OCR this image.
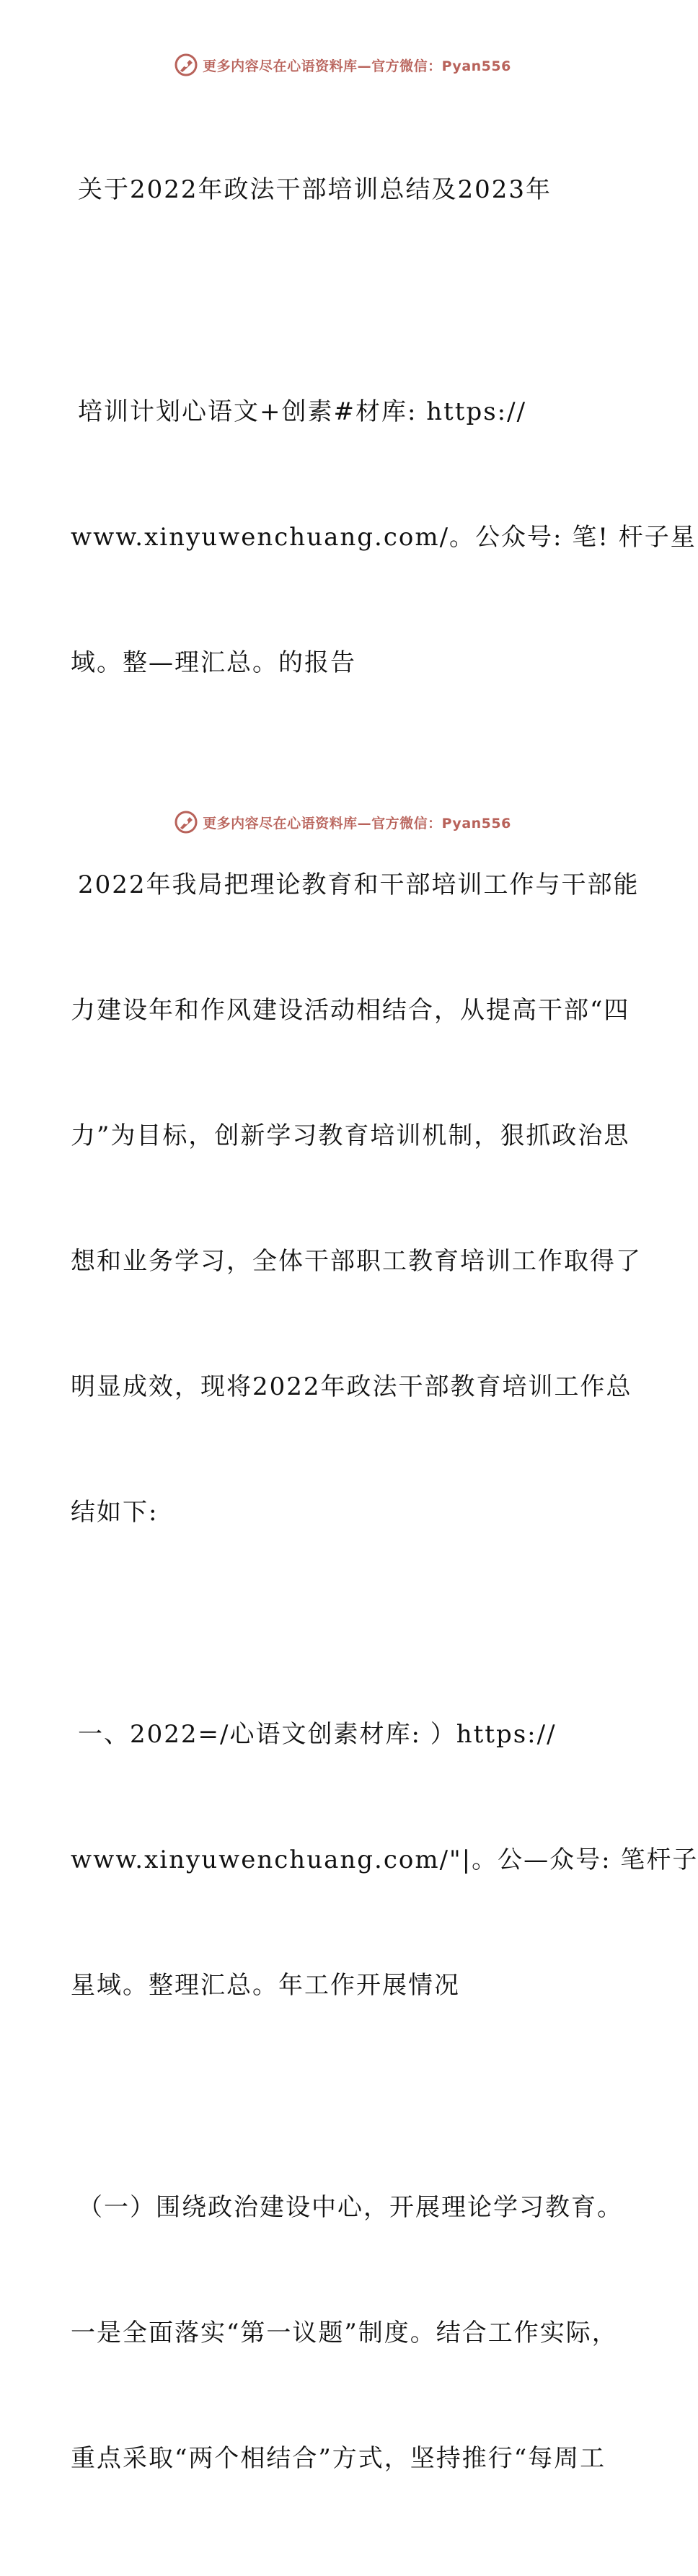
更多内容尽在心语资料库—官方微信：Pyan556

关于2022年政法干部培训总结及2023年

培训计划心语文+创素#材库: https://

www.xinyuwenchuang.com/。公众号: 笔! 杆子星

域。整—理汇总。的报告

2022年我局把理论教育和干部培训工作与干部能

力建设年和作风建设活动相结合，从提高干部“四

力”为目标，创新学习教育培训机制，狠抓政治思

想和业务学习，全体干部职工教育培训工作取得了

明显成效，现将2022年政法干部教育培训工作总

结如下:

一、2022=/心语文创素材库: ）https://

www.xinyuwenchuang.com/"|。公—众号: 笔杆子

星域。整理汇总。年工作开展情况

（一）围绕政治建设中心，开展理论学习教育。

一是全面落实“第一议题”制度。结合工作实际，

重点采取“两个相结合”方式，坚持推行“每周工

更多内容尽在心语资料库—官方微信：Pyan556
